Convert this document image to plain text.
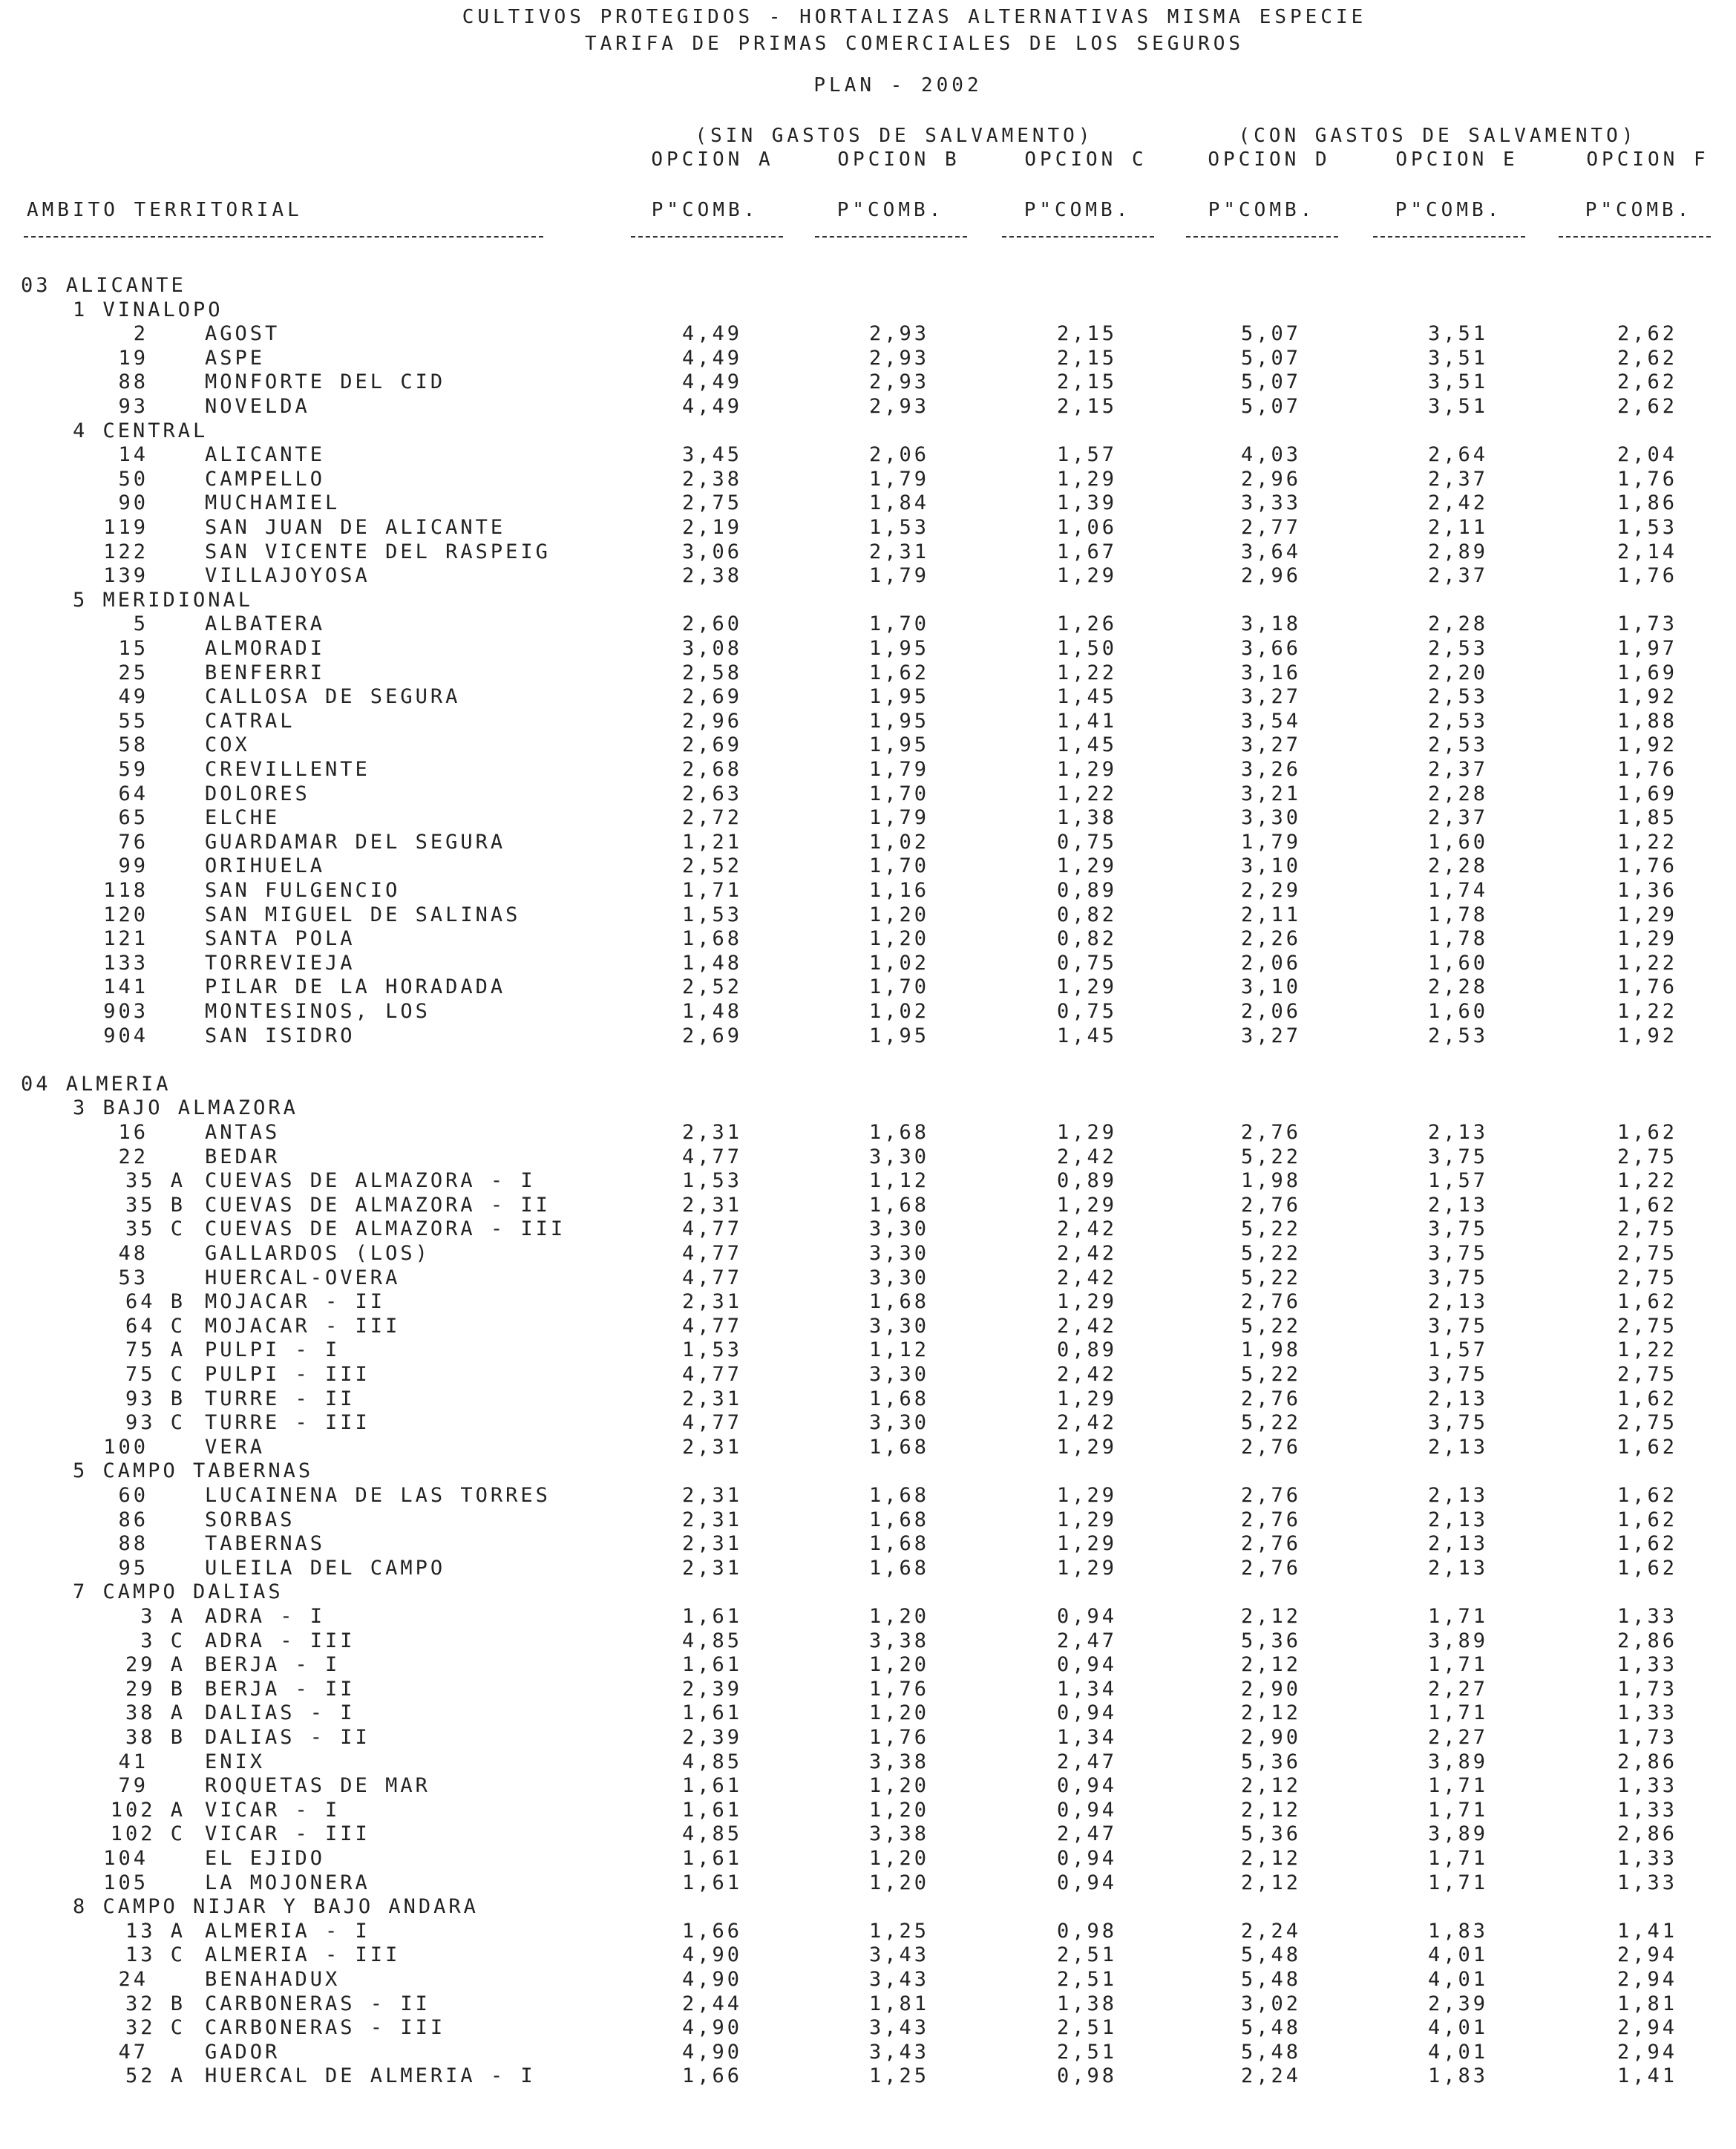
CULTIVOS PROTEGIDOS - HORTALIZAS ALTERNATIVAS MISMA ESPECIE
TARIFA DE PRIMAS COMERCIALES DE LOS SEGUROS
PLAN - 2002
(SIN GASTOS DE SALVAMENTO)	(CON GASTOS DE SALVAMENTO)
OPCION A	OPCION B	OPCION C	OPCION D	OPCION E	OPCION F
AMBITO TERRITORIAL	P"COMB.	P"COMB.	P"COMB.	P"COMB.	P"COMB.	P"COMB.
03 ALICANTE
1 VINALOPO
2	AGOST	4,49	2,93	2,15	5,07	3,51	2,62
19	ASPE	4,49	2,93	2,15	5,07	3,51	2,62
88	MONFORTE DEL CID	4,49	2,93	2,15	5,07	3,51	2,62
93	NOVELDA	4,49	2,93	2,15	5,07	3,51	2,62
4 CENTRAL
14	ALICANTE	3,45	2,06	1,57	4,03	2,64	2,04
50	CAMPELLO	2,38	1,79	1,29	2,96	2,37	1,76
90	MUCHAMIEL	2,75	1,84	1,39	3,33	2,42	1,86
119	SAN JUAN DE ALICANTE	2,19	1,53	1,06	2,77	2,11	1,53
122	SAN VICENTE DEL RASPEIG	3,06	2,31	1,67	3,64	2,89	2,14
139	VILLAJOYOSA	2,38	1,79	1,29	2,96	2,37	1,76
5 MERIDIONAL
5	ALBATERA	2,60	1,70	1,26	3,18	2,28	1,73
15	ALMORADI	3,08	1,95	1,50	3,66	2,53	1,97
25	BENFERRI	2,58	1,62	1,22	3,16	2,20	1,69
49	CALLOSA DE SEGURA	2,69	1,95	1,45	3,27	2,53	1,92
55	CATRAL	2,96	1,95	1,41	3,54	2,53	1,88
58	COX	2,69	1,95	1,45	3,27	2,53	1,92
59	CREVILLENTE	2,68	1,79	1,29	3,26	2,37	1,76
64	DOLORES	2,63	1,70	1,22	3,21	2,28	1,69
65	ELCHE	2,72	1,79	1,38	3,30	2,37	1,85
76	GUARDAMAR DEL SEGURA	1,21	1,02	0,75	1,79	1,60	1,22
99	ORIHUELA	2,52	1,70	1,29	3,10	2,28	1,76
118	SAN FULGENCIO	1,71	1,16	0,89	2,29	1,74	1,36
120	SAN MIGUEL DE SALINAS	1,53	1,20	0,82	2,11	1,78	1,29
121	SANTA POLA	1,68	1,20	0,82	2,26	1,78	1,29
133	TORREVIEJA	1,48	1,02	0,75	2,06	1,60	1,22
141	PILAR DE LA HORADADA	2,52	1,70	1,29	3,10	2,28	1,76
903	MONTESINOS, LOS	1,48	1,02	0,75	2,06	1,60	1,22
904	SAN ISIDRO	2,69	1,95	1,45	3,27	2,53	1,92
04 ALMERIA
3 BAJO ALMAZORA
16	ANTAS	2,31	1,68	1,29	2,76	2,13	1,62
22	BEDAR	4,77	3,30	2,42	5,22	3,75	2,75
35 A CUEVAS DE ALMAZORA - I	1,53	1,12	0,89	1,98	1,57	1,22
35 B CUEVAS DE ALMAZORA - II	2,31	1,68	1,29	2,76	2,13	1,62
35 C CUEVAS DE ALMAZORA - III	4,77	3,30	2,42	5,22	3,75	2,75
48	GALLARDOS (LOS)	4,77	3,30	2,42	5,22	3,75	2,75
53	HUERCAL-OVERA	4,77	3,30	2,42	5,22	3,75	2,75
64 B MOJACAR - II	2,31	1,68	1,29	2,76	2,13	1,62
64 C MOJACAR - III	4,77	3,30	2,42	5,22	3,75	2,75
75 A PULPI - I	1,53	1,12	0,89	1,98	1,57	1,22
75 C PULPI - III	4,77	3,30	2,42	5,22	3,75	2,75
93 B TURRE - II	2,31	1,68	1,29	2,76	2,13	1,62
93 C TURRE - III	4,77	3,30	2,42	5,22	3,75	2,75
100	VERA	2,31	1,68	1,29	2,76	2,13	1,62
5 CAMPO TABERNAS
60	LUCAINENA DE LAS TORRES	2,31	1,68	1,29	2,76	2,13	1,62
86	SORBAS	2,31	1,68	1,29	2,76	2,13	1,62
88	TABERNAS	2,31	1,68	1,29	2,76	2,13	1,62
95	ULEILA DEL CAMPO	2,31	1,68	1,29	2,76	2,13	1,62
7 CAMPO DALIAS
3 A ADRA - I	1,61	1,20	0,94	2,12	1,71	1,33
3 C ADRA - III	4,85	3,38	2,47	5,36	3,89	2,86
29 A BERJA - I	1,61	1,20	0,94	2,12	1,71	1,33
29 B BERJA - II	2,39	1,76	1,34	2,90	2,27	1,73
38 A DALIAS - I	1,61	1,20	0,94	2,12	1,71	1,33
38 B DALIAS - II	2,39	1,76	1,34	2,90	2,27	1,73
41	ENIX	4,85	3,38	2,47	5,36	3,89	2,86
79	ROQUETAS DE MAR	1,61	1,20	0,94	2,12	1,71	1,33
102 A VICAR - I	1,61	1,20	0,94	2,12	1,71	1,33
102 C VICAR - III	4,85	3,38	2,47	5,36	3,89	2,86
104	EL EJIDO	1,61	1,20	0,94	2,12	1,71	1,33
105	LA MOJONERA	1,61	1,20	0,94	2,12	1,71	1,33
8 CAMPO NIJAR Y BAJO ANDARA
13 A ALMERIA - I	1,66	1,25	0,98	2,24	1,83	1,41
13 C ALMERIA - III	4,90	3,43	2,51	5,48	4,01	2,94
24	BENAHADUX	4,90	3,43	2,51	5,48	4,01	2,94
32 B CARBONERAS - II	2,44	1,81	1,38	3,02	2,39	1,81
32 C CARBONERAS - III	4,90	3,43	2,51	5,48	4,01	2,94
47	GADOR	4,90	3,43	2,51	5,48	4,01	2,94
52 A HUERCAL DE ALMERIA - I	1,66	1,25	0,98	2,24	1,83	1,41
